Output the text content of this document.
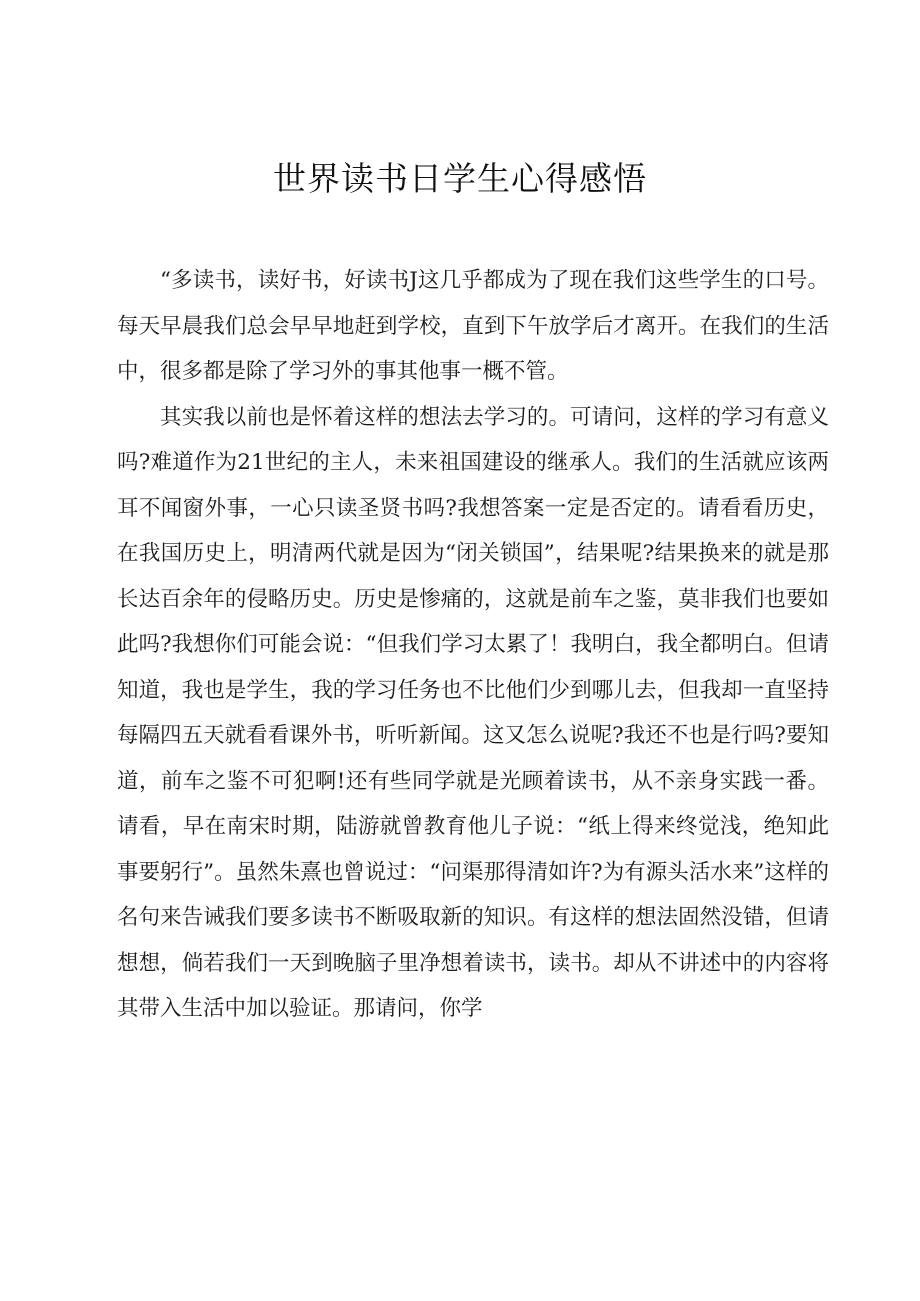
世界读书日学生心得感悟

“多读书，读好书，好读书J这几乎都成为了现在我们这些学生的口号。每天早晨我们总会早早地赶到学校，直到下午放学后才离开。在我们的生活中，很多都是除了学习外的事其他事一概不管。

其实我以前也是怀着这样的想法去学习的。可请问，这样的学习有意义吗?难道作为21世纪的主人，未来祖国建设的继承人。我们的生活就应该两耳不闻窗外事，一心只读圣贤书吗?我想答案一定是否定的。请看看历史，在我国历史上，明清两代就是因为“闭关锁国”，结果呢?结果换来的就是那长达百余年的侵略历史。历史是惨痛的，这就是前车之鉴，莫非我们也要如此吗?我想你们可能会说：“但我们学习太累了！我明白，我全都明白。但请知道，我也是学生，我的学习任务也不比他们少到哪儿去，但我却一直坚持每隔四五天就看看课外书，听听新闻。这又怎么说呢?我还不也是行吗?要知道，前车之鉴不可犯啊!还有些同学就是光顾着读书，从不亲身实践一番。请看，早在南宋时期，陆游就曾教育他儿子说：“纸上得来终觉浅，绝知此事要躬行”。虽然朱熹也曾说过：“问渠那得清如许?为有源头活水来”这样的名句来告诫我们要多读书不断吸取新的知识。有这样的想法固然没错，但请想想，倘若我们一天到晚脑子里净想着读书，读书。却从不讲述中的内容将其带入生活中加以验证。那请问，你学
